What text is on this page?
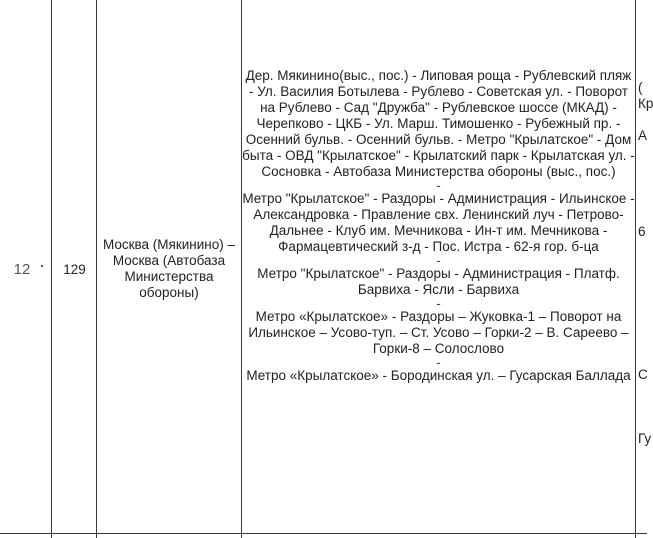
12 129
Москва (Мякинино) – Москва (Автобаза Министерства обороны)
Дер. Мякинино(выс., пос.) - Липовая роща - Рублевский пляж - Ул. Василия Ботылева - Рублево - Советская ул. - Поворот на Рублево - Сад "Дружба" - Рублевское шоссе (МКАД) - Черепково - ЦКБ - Ул. Марш. Тимошенко - Рубежный пр. - Осенний бульв. - Осенний бульв. - Метро "Крылатское" - Дом быта - ОВД "Крылатское" - Крылатский парк - Крылатская ул. - Сосновка - Автобаза Министерства обороны (выс., пос.)
-
Метро "Крылатское" - Раздоры - Администрация - Ильинское - Александровка - Правление свх. Ленинский луч - Петрово-Дальнее - Клуб им. Мечникова - Ин-т им. Мечникова - Фармацевтический з-д - Пос. Истра - 62-я гор. б-ца
-
Метро "Крылатское" - Раздоры - Администрация - Платф. Барвиха - Ясли - Барвиха
-
Метро «Крылатское» - Раздоры – Жуковка-1 – Поворот на Ильинское – Усово-туп. – Ст. Усово – Горки-2 – В. Сареево – Горки-8 – Солослово
-
Метро «Крылатское» - Бородинская ул. – Гусарская Баллада
(
Кр
А
6
С
Гу
